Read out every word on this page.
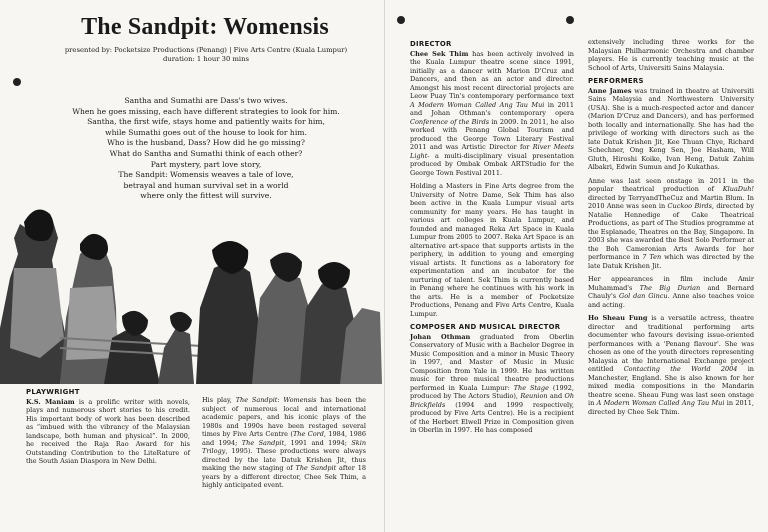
The Sandpit: Womensis
presented by: Pocketsize Productions (Penang) | Five Arts Centre (Kuala Lumpur)
duration: 1 hour 30 mins
Santha and Sumathi are Dass's two wives.
When he goes missing, each have different strategies to look for him.
Santha, the first wife, stays home and patiently waits for him,
while Sumathi goes out of the house to look for him.
Who is the husband, Dass? How did he go missing?
What do Santha and Sumathi think of each other?
Part mystery, part love story,
The Sandpit: Womensis weaves a tale of love,
betrayal and human survival set in a world
where only the fittest will survive.
PLAYWRIGHT

K.S. Maniam is a prolific writer with novels, plays and numerous short stories to his credit. His important body of work has been described as “imbued with the vibrancy of the Malaysian landscape, both human and physical”. In 2000, he received the Raja Rao Award for his Outstanding Contribution to the LiteRature of the South Asian Diaspora in New Delhi.

His play, The Sandpit: Womensis has been the subject of numerous local and international academic papers, and his iconic plays of the 1980s and 1990s have been restaged several times by Five Arts Centre (The Cord, 1984, 1986 and 1994; The Sandpit, 1991 and 1994; Skin Trilogy, 1995). These productions were always directed by the late Datuk Krishen Jit, thus making the new staging of The Sandpit after 18 years by a different director, Chee Sek Thim, a highly anticipated event.

DIRECTOR

Chee Sek Thim has been actively involved in the Kuala Lumpur theatre scene since 1991, initially as a dancer with Marion D'Cruz and Dancers, and then as an actor and director. Amongst his most recent directorial projects are Leow Puay Tin's contemporary performance text A Modern Woman Called Ang Tau Mui in 2011 and Johan Othman's contemporary opera Conference of the Birds in 2009. In 2011, he also worked with Penang Global Tourism and produced the George Town Literary Festival 2011 and was Artistic Director for River Meets Light- a multi-disciplinary visual presentation produced by Ombak Ombak ARTStudio for the George Town Festival 2011.

Holding a Masters in Fine Arts degree from the University of Notre Dame, Sek Thim has also been active in the Kuala Lumpur visual arts community for many years. He has taught in various art colleges in Kuala Lumpur, and founded and managed Reka Art Space in Kuala Lumpur from 2005 to 2007. Reka Art Space is an alternative art-space that supports artists in the periphery, in addition to young and emerging visual artists. It functions as a laboratory for experimentation and an incubator for the nurturing of talent. Sek Thim is currently based in Penang where he continues with his work in the arts. He is a member of Pocketsize Productions, Penang and Five Arts Centre, Kuala Lumpur.

COMPOSER AND MUSICAL DIRECTOR

Johan Othman graduated from Oberlin Conservatory of Music with a Bachelor Degree in Music Composition and a minor in Music Theory in 1997, and Master of Music in Music Composition from Yale in 1999. He has written music for three musical theatre productions performed in Kuala Lumpur: The Stage (1992, produced by The Actors Studio), Reunion and Oh Brickfields (1994 and 1999 respectively, produced by Five Arts Centre). He is a recipient of the Herbert Elwell Prize in Composition given in Oberlin in 1997. He has composed

extensively including three works for the Malaysian Philharmonic Orchestra and chamber players. He is currently teaching music at the School of Arts, Universiti Sains Malaysia.

PERFORMERS

Anne James was trained in theatre at Universiti Sains Malaysia and Northwestern University (USA). She is a much-respected actor and dancer (Marion D'Cruz and Dancers), and has performed both locally and internationally. She has had the privilege of working with directors such as the late Datuk Krishen Jit, Kee Thuan Chye, Richard Schechner, Ong Keng Sen, Joe Hasham, Will Gluth, Hiroshi Koike, Ivan Heng, Datuk Zahim Albakri, Edwin Sumun and Jo Kukathas.

Anne was last seen onstage in 2011 in the popular theatrical production of KluaDuh! directed by TerryandTheCuz and Martin Blum. In 2010 Anne was seen in Cuckoo Birds, directed by Natalie Hennedige of Cake Theatrical Productions, as part of The Studios programme at the Esplanade, Theatres on the Bay, Singapore. In 2003 she was awarded the Best Solo Performer at the Boh Cameronian Arts Awards for her performance in 7 Ten which was directed by the late Datuk Krishen Jit.

Her appearances in film include Amir Muhammad's The Big Durian and Bernard Chauly's Gol dan Gincu. Anne also teaches voice and acting.

Ho Sheau Fung is a versatile actress, theatre director and traditional performing arts documenter who favours devising issue-oriented performances with a 'Penang flavour'. She was chosen as one of the youth directors representing Malaysia at the International Exchange project entitled Contacting the World 2004 in Manchester, England. She is also known for her mixed media compositions in the Mandarin theatre scene. Sheau Fung was last seen onstage in A Modern Woman Called Ang Tau Mui in 2011, directed by Chee Sek Thim.
